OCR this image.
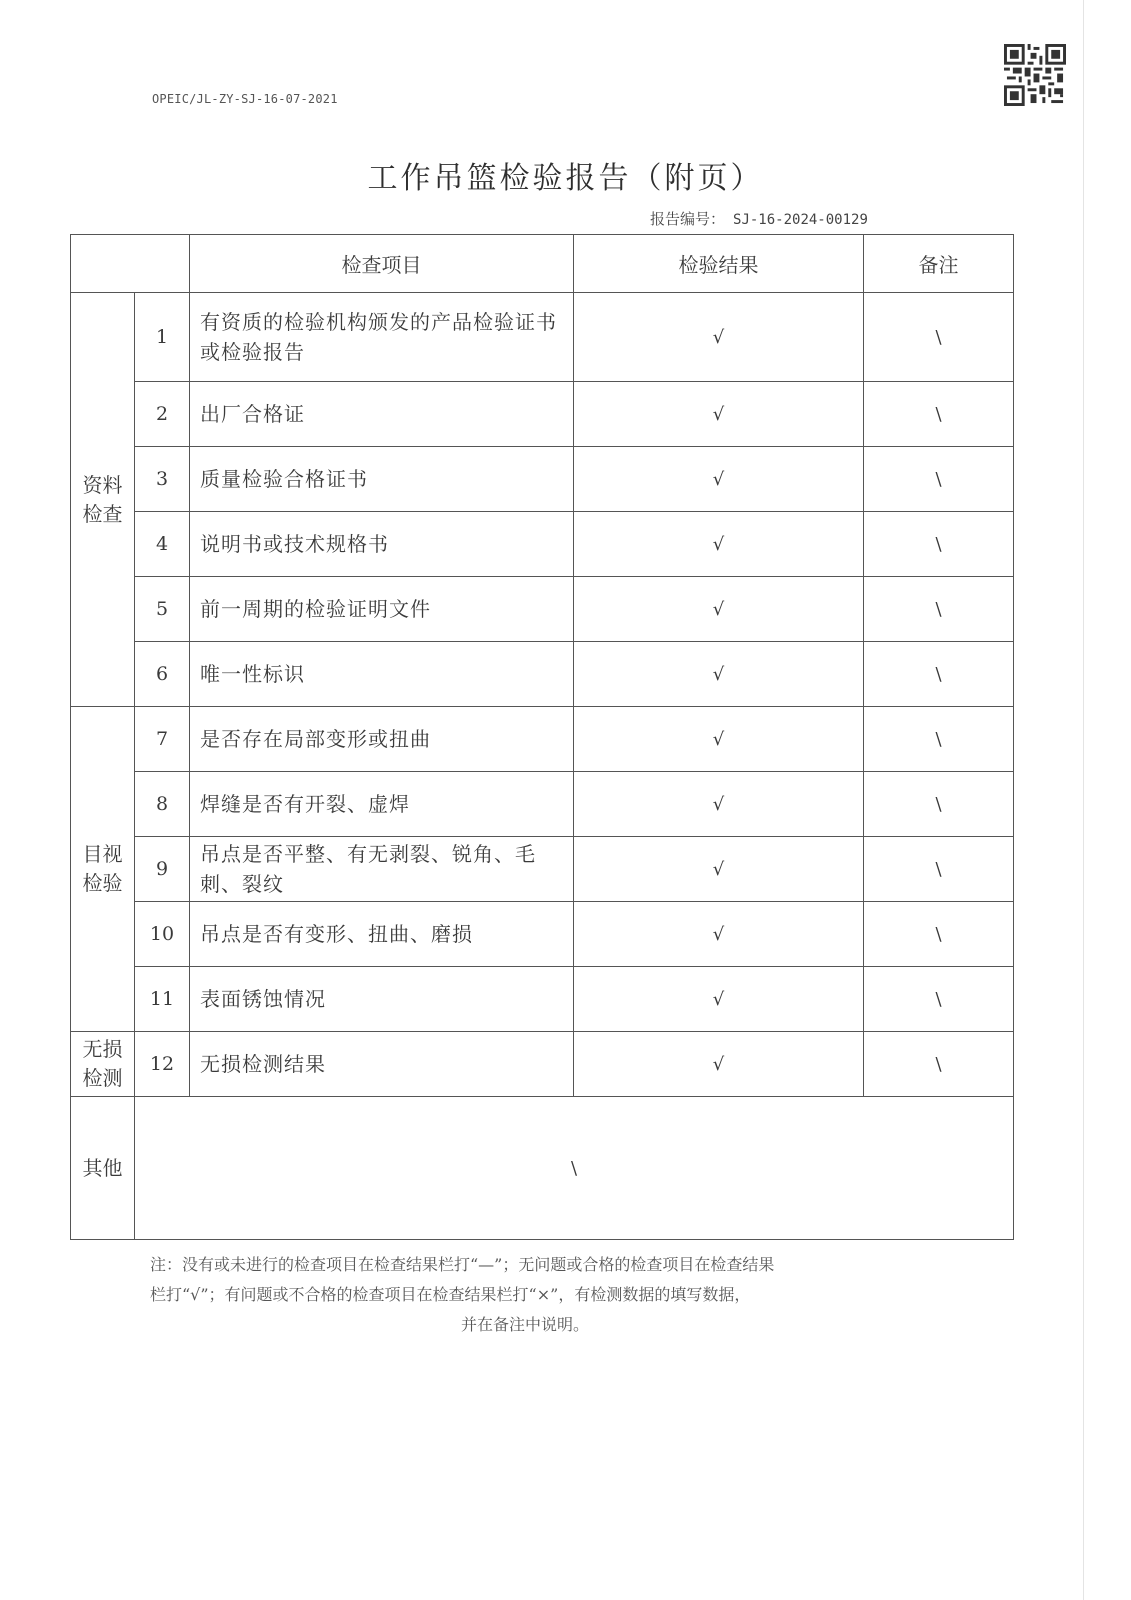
OPEIC/JL-ZY-SJ-16-07-2021
工作吊篮检验报告（附页）
报告编号： SJ-16-2024-00129
		检查项目	检验结果	备注

资料检查	1	有资质的检验机构颁发的产品检验证书或检验报告	√	\
	2	出厂合格证	√	\
	3	质量检验合格证书	√	\
	4	说明书或技术规格书	√	\
	5	前一周期的检验证明文件	√	\
	6	唯一性标识	√	\

目视检验	7	是否存在局部变形或扭曲	√	\
	8	焊缝是否有开裂、虚焊	√	\
	9	吊点是否平整、有无剥裂、锐角、毛刺、裂纹	√	\
	10	吊点是否有变形、扭曲、磨损	√	\
	11	表面锈蚀情况	√	\

无损检测	12	无损检测结果	√	\
其他	\			
注：没有或未进行的检查项目在检查结果栏打“—”；无问题或合格的检查项目在检查结果
栏打“√”；有问题或不合格的检查项目在检查结果栏打“×”，有检测数据的填写数据，

并在备注中说明。
